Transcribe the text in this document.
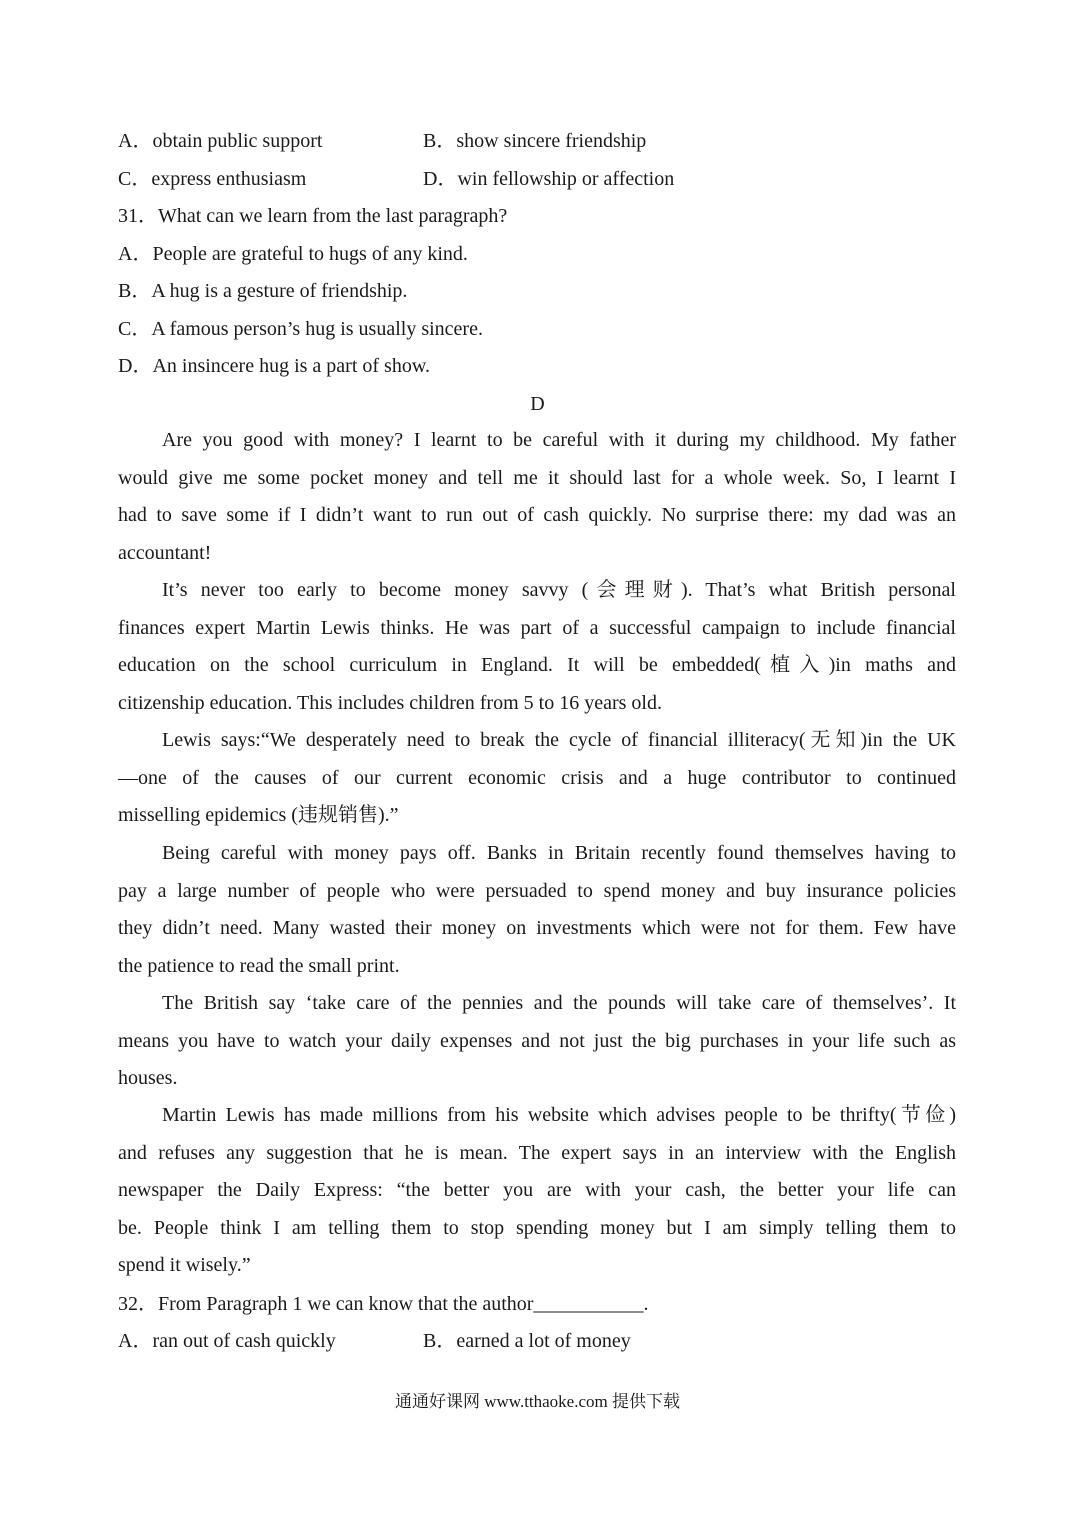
A．obtain public support	B．show sincere friendship
C．express enthusiasm	D．win fellowship or affection
31．What can we learn from the last paragraph?
A．People are grateful to hugs of any kind.
B．A hug is a gesture of friendship.
C．A famous person’s hug is usually sincere.
D．An insincere hug is a part of show.
D
Are you good with money? I learnt to be careful with it during my childhood. My father
would give me some pocket money and tell me it should last for a whole week. So, I learnt I
had to save some if I didn’t want to run out of cash quickly. No surprise there: my dad was an
accountant!
It’s never too early to become money savvy (会理财). That’s what British personal
finances expert Martin Lewis thinks. He was part of a successful campaign to include financial
education on the school curriculum in England. It will be embedded(植入)in maths and
citizenship education. This includes children from 5 to 16 years old.
Lewis says:“We desperately need to break the cycle of financial illiteracy(无知)in the UK
—one of the causes of our current economic crisis and a huge contributor to continued
misselling epidemics (违规销售).”
Being careful with money pays off. Banks in Britain recently found themselves having to
pay a large number of people who were persuaded to spend money and buy insurance policies
they didn’t need. Many wasted their money on investments which were not for them. Few have
the patience to read the small print.
The British say ‘take care of the pennies and the pounds will take care of themselves’. It
means you have to watch your daily expenses and not just the big purchases in your life such as
houses.
Martin Lewis has made millions from his website which advises people to be thrifty(节俭)
and refuses any suggestion that he is mean. The expert says in an interview with the English
newspaper the Daily Express: “the better you are with your cash, the better your life can
be. People think I am telling them to stop spending money but I am simply telling them to
spend it wisely.”
32．From Paragraph 1 we can know that the author___________.
A．ran out of cash quickly	B．earned a lot of money
通通好课网 www.tthaoke.com 提供下载
